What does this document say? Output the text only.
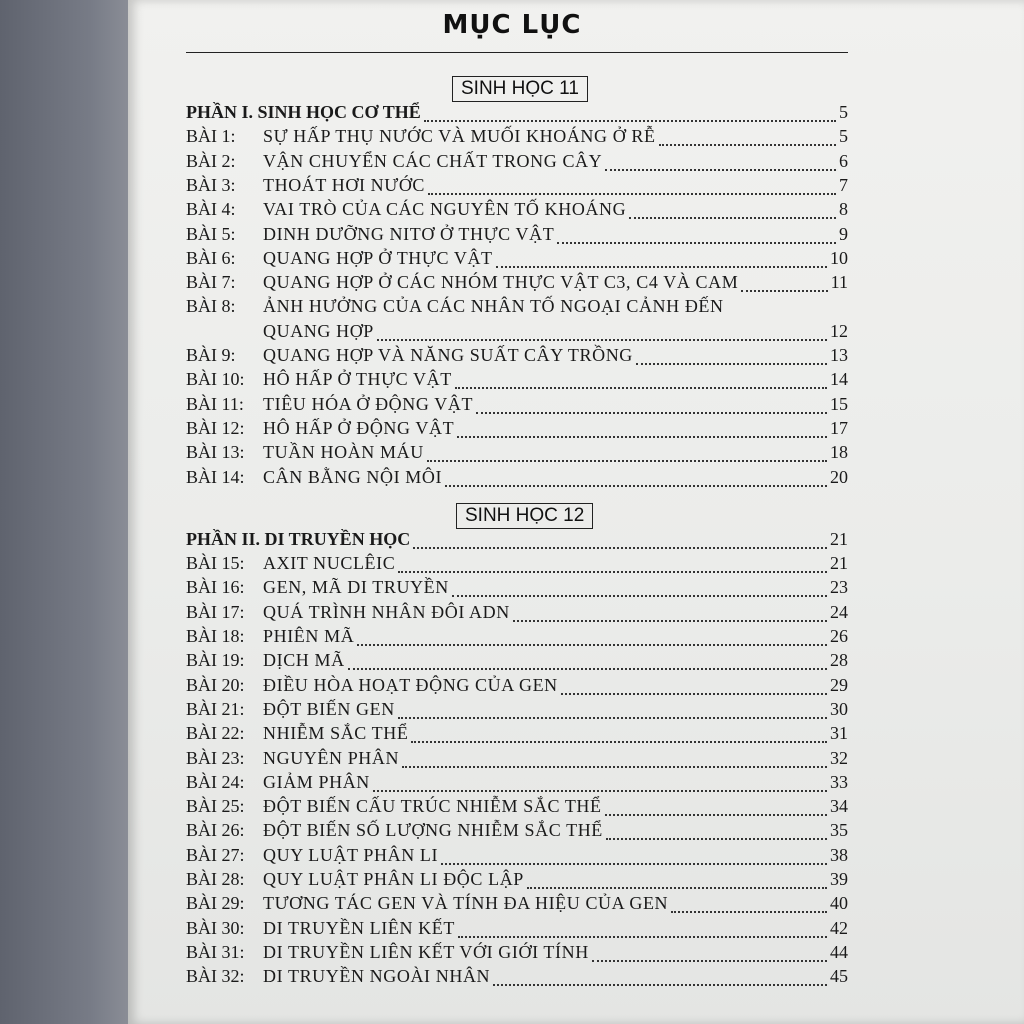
MỤC LỤC
SINH HỌC 11
PHẦN I. SINH HỌC CƠ THỂ	5
BÀI 1: SỰ HẤP THỤ NƯỚC VÀ MUỐI KHOÁNG Ở RỄ	5
BÀI 2: VẬN CHUYỂN CÁC CHẤT TRONG CÂY	6
BÀI 3: THOÁT HƠI NƯỚC	7
BÀI 4: VAI TRÒ CỦA CÁC NGUYÊN TỐ KHOÁNG	8
BÀI 5: DINH DƯỠNG NITƠ Ở THỰC VẬT	9
BÀI 6: QUANG HỢP Ở THỰC VẬT	10
BÀI 7: QUANG HỢP Ở CÁC NHÓM THỰC VẬT C3, C4 VÀ CAM	11
BÀI 8: ẢNH HƯỞNG CỦA CÁC NHÂN TỐ NGOẠI CẢNH ĐẾN
QUANG HỢP	12
BÀI 9: QUANG HỢP VÀ NĂNG SUẤT CÂY TRỒNG	13
BÀI 10: HÔ HẤP Ở THỰC VẬT	14
BÀI 11: TIÊU HÓA Ở ĐỘNG VẬT	15
BÀI 12: HÔ HẤP Ở ĐỘNG VẬT	17
BÀI 13: TUẦN HOÀN MÁU	18
BÀI 14: CÂN BẰNG NỘI MÔI	20
SINH HỌC 12
PHẦN II. DI TRUYỀN HỌC	21
BÀI 15: AXIT NUCLÊIC	21
BÀI 16: GEN, MÃ DI TRUYỀN	23
BÀI 17: QUÁ TRÌNH NHÂN ĐÔI ADN	24
BÀI 18: PHIÊN MÃ	26
BÀI 19: DỊCH MÃ	28
BÀI 20: ĐIỀU HÒA HOẠT ĐỘNG CỦA GEN	29
BÀI 21: ĐỘT BIẾN GEN	30
BÀI 22: NHIỄM SẮC THỂ	31
BÀI 23: NGUYÊN PHÂN	32
BÀI 24: GIẢM PHÂN	33
BÀI 25: ĐỘT BIẾN CẤU TRÚC NHIỄM SẮC THỂ	34
BÀI 26: ĐỘT BIẾN SỐ LƯỢNG NHIỄM SẮC THỂ	35
BÀI 27: QUY LUẬT PHÂN LI	38
BÀI 28: QUY LUẬT PHÂN LI ĐỘC LẬP	39
BÀI 29: TƯƠNG TÁC GEN VÀ TÍNH ĐA HIỆU CỦA GEN	40
BÀI 30: DI TRUYỀN LIÊN KẾT	42
BÀI 31: DI TRUYỀN LIÊN KẾT VỚI GIỚI TÍNH	44
BÀI 32: DI TRUYỀN NGOÀI NHÂN	45
